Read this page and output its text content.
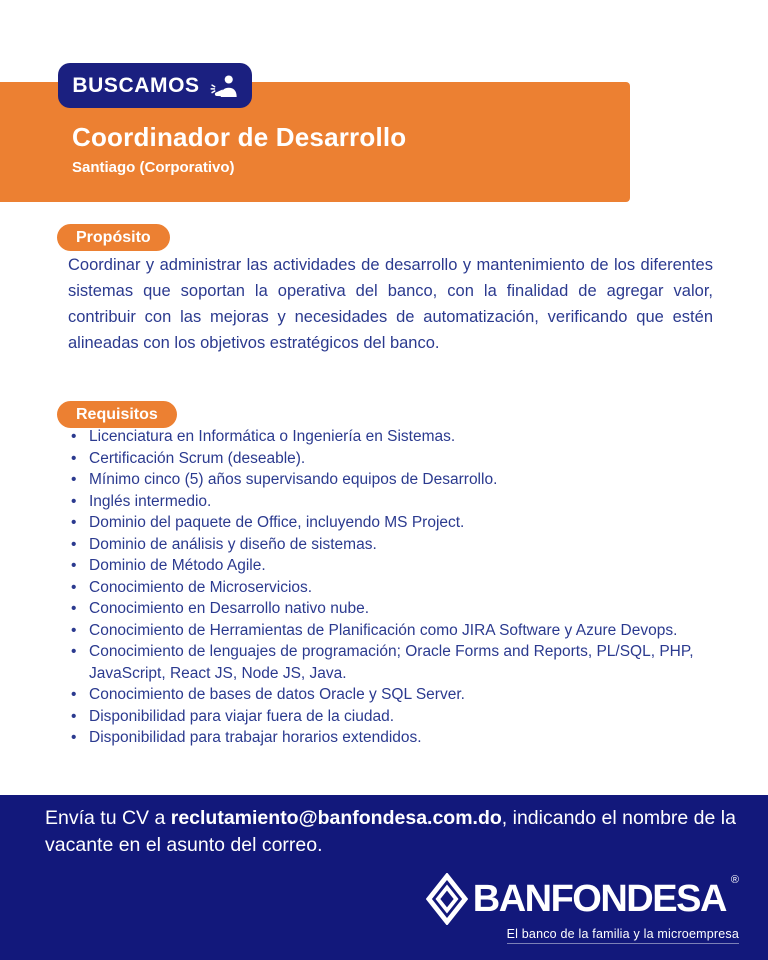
BUSCAMOS
Coordinador de Desarrollo
Santiago (Corporativo)
Propósito

Coordinar y administrar las actividades de desarrollo y mantenimiento de los diferentes sistemas que soportan la operativa del banco, con la finalidad de agregar valor, contribuir con las mejoras y necesidades de automatización, verificando que estén alineadas con los objetivos estratégicos del banco.

Requisitos
• Licenciatura en Informática o Ingeniería en Sistemas.
• Certificación Scrum (deseable).
• Mínimo cinco (5) años supervisando equipos de Desarrollo.
• Inglés intermedio.
• Dominio del paquete de Office, incluyendo MS Project.
• Dominio de análisis y diseño de sistemas.
• Dominio de Método Agile.
• Conocimiento de Microservicios.
• Conocimiento en Desarrollo nativo nube.
• Conocimiento de Herramientas de Planificación como JIRA Software y Azure Devops.
• Conocimiento de lenguajes de programación; Oracle Forms and Reports, PL/SQL, PHP, JavaScript, React JS, Node JS, Java.
• Conocimiento de bases de datos Oracle y SQL Server.
• Disponibilidad para viajar fuera de la ciudad.
• Disponibilidad para trabajar horarios extendidos.

Envía tu CV a reclutamiento@banfondesa.com.do, indicando el nombre de la vacante en el asunto del correo.

BANFONDESA ®
El banco de la familia y la microempresa
